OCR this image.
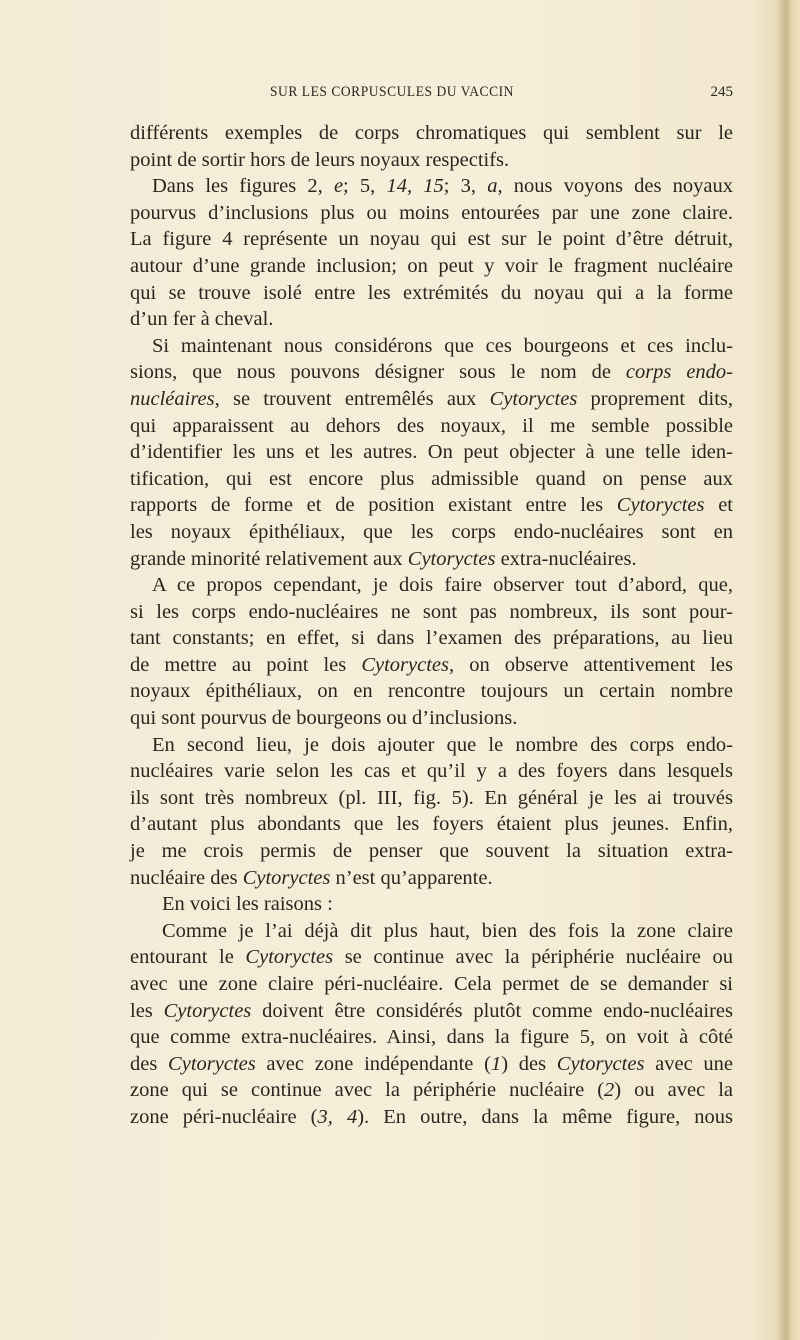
SUR LES CORPUSCULES DU VACCIN	245
différents exemples de corps chromatiques qui semblent sur le
point de sortir hors de leurs noyaux respectifs.
Dans les figures 2, e; 5, 14, 15; 3, a, nous voyons des noyaux
pourvus d’inclusions plus ou moins entourées par une zone claire.
La figure 4 représente un noyau qui est sur le point d’être détruit,
autour d’une grande inclusion; on peut y voir le fragment nucléaire
qui se trouve isolé entre les extrémités du noyau qui a la forme
d’un fer à cheval.
Si maintenant nous considérons que ces bourgeons et ces inclu-
sions, que nous pouvons désigner sous le nom de corps endo-
nucléaires, se trouvent entremêlés aux Cytoryctes proprement dits,
qui apparaissent au dehors des noyaux, il me semble possible
d’identifier les uns et les autres. On peut objecter à une telle iden-
tification, qui est encore plus admissible quand on pense aux
rapports de forme et de position existant entre les Cytoryctes et
les noyaux épithéliaux, que les corps endo-nucléaires sont en
grande minorité relativement aux Cytoryctes extra-nucléaires.
A ce propos cependant, je dois faire observer tout d’abord, que,
si les corps endo-nucléaires ne sont pas nombreux, ils sont pour-
tant constants; en effet, si dans l’examen des préparations, au lieu
de mettre au point les Cytoryctes, on observe attentivement les
noyaux épithéliaux, on en rencontre toujours un certain nombre
qui sont pourvus de bourgeons ou d’inclusions.
En second lieu, je dois ajouter que le nombre des corps endo-
nucléaires varie selon les cas et qu’il y a des foyers dans lesquels
ils sont très nombreux (pl. III, fig. 5). En général je les ai trouvés
d’autant plus abondants que les foyers étaient plus jeunes. Enfin,
je me crois permis de penser que souvent la situation extra-
nucléaire des Cytoryctes n’est qu’apparente.
En voici les raisons :
Comme je l’ai déjà dit plus haut, bien des fois la zone claire
entourant le Cytoryctes se continue avec la périphérie nucléaire ou
avec une zone claire péri-nucléaire. Cela permet de se demander si
les Cytoryctes doivent être considérés plutôt comme endo-nucléaires
que comme extra-nucléaires. Ainsi, dans la figure 5, on voit à côté
des Cytoryctes avec zone indépendante (1) des Cytoryctes avec une
zone qui se continue avec la périphérie nucléaire (2) ou avec la
zone péri-nucléaire (3, 4). En outre, dans la même figure, nous
